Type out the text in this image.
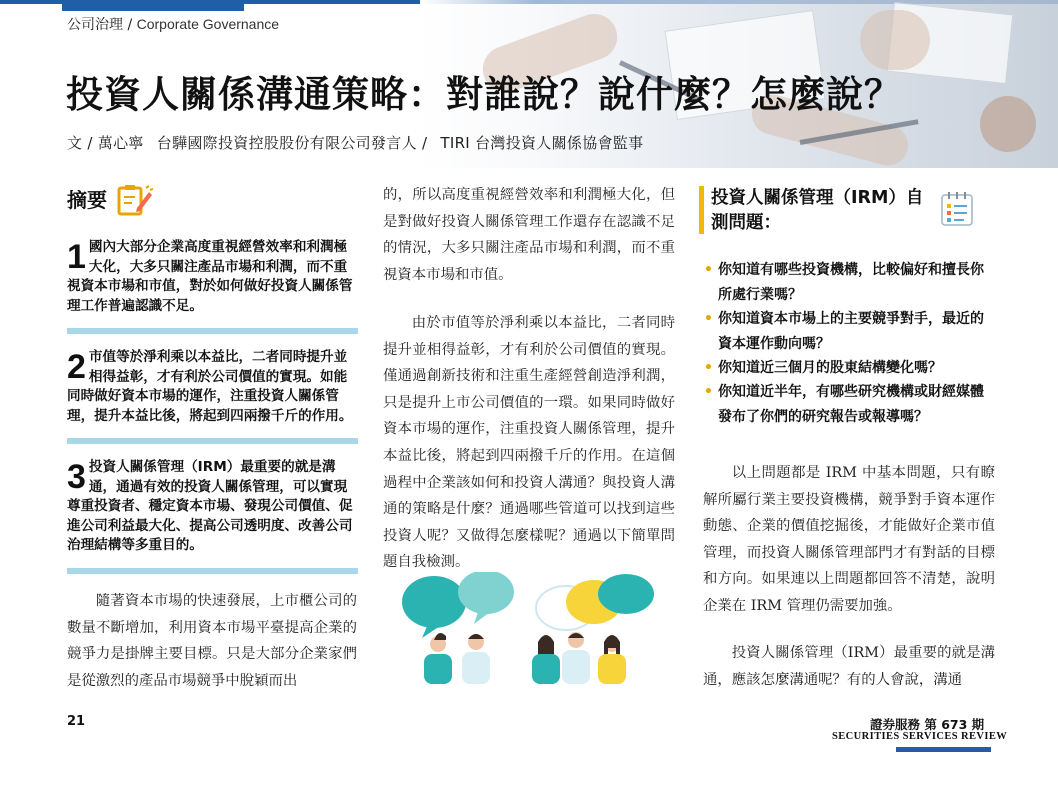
公司治理 / Corporate Governance
投資人關係溝通策略：對誰說？說什麼？怎麼說？
文 / 萬心寧 台驊國際投資控股股份有限公司發言人 / TIRI 台灣投資人關係協會監事
摘要
1 國內大部分企業高度重視經營效率和利潤極大化，大多只關注產品市場和利潤，而不重視資本市場和市值，對於如何做好投資人關係管理工作普遍認識不足。
2 市值等於淨利乘以本益比，二者同時提升並相得益彰，才有利於公司價值的實現。如能同時做好資本市場的運作，注重投資人關係管理，提升本益比後，將起到四兩撥千斤的作用。
3 投資人關係管理（IRM）最重要的就是溝通，通過有效的投資人關係管理，可以實現尊重投資者、穩定資本市場、發現公司價值、促進公司利益最大化、提高公司透明度、改善公司治理結構等多重目的。

隨著資本市場的快速發展，上市櫃公司的數量不斷增加，利用資本市場平臺提高企業的競爭力是掛牌主要目標。只是大部分企業家們是從激烈的產品市場競爭中脫穎而出

的，所以高度重視經營效率和利潤極大化，但是對做好投資人關係管理工作還存在認識不足的情況，大多只關注產品市場和利潤，而不重視資本市場和市值。

由於市值等於淨利乘以本益比，二者同時提升並相得益彰，才有利於公司價值的實現。僅通過創新技術和注重生產經營創造淨利潤，只是提升上市公司價值的一環。如果同時做好資本市場的運作，注重投資人關係管理，提升本益比後，將起到四兩撥千斤的作用。在這個過程中企業該如何和投資人溝通？與投資人溝通的策略是什麼？通過哪些管道可以找到這些投資人呢？又做得怎麼樣呢？通過以下簡單問題自我檢測。

投資人關係管理（IRM）自測問題：
• 你知道有哪些投資機構，比較偏好和擅長你所處行業嗎？
• 你知道資本市場上的主要競爭對手，最近的資本運作動向嗎？
• 你知道近三個月的股東結構變化嗎？
• 你知道近半年，有哪些研究機構或財經媒體發布了你們的研究報告或報導嗎？

以上問題都是 IRM 中基本問題，只有瞭解所屬行業主要投資機構，競爭對手資本運作動態、企業的價值挖掘後，才能做好企業市值管理，而投資人關係管理部門才有對話的目標和方向。如果連以上問題都回答不清楚，說明企業在 IRM 管理仍需要加強。

投資人關係管理（IRM）最重要的就是溝通，應該怎麼溝通呢？有的人會說，溝通

21	證券服務 第 673 期
SECURITIES SERVICES REVIEW
